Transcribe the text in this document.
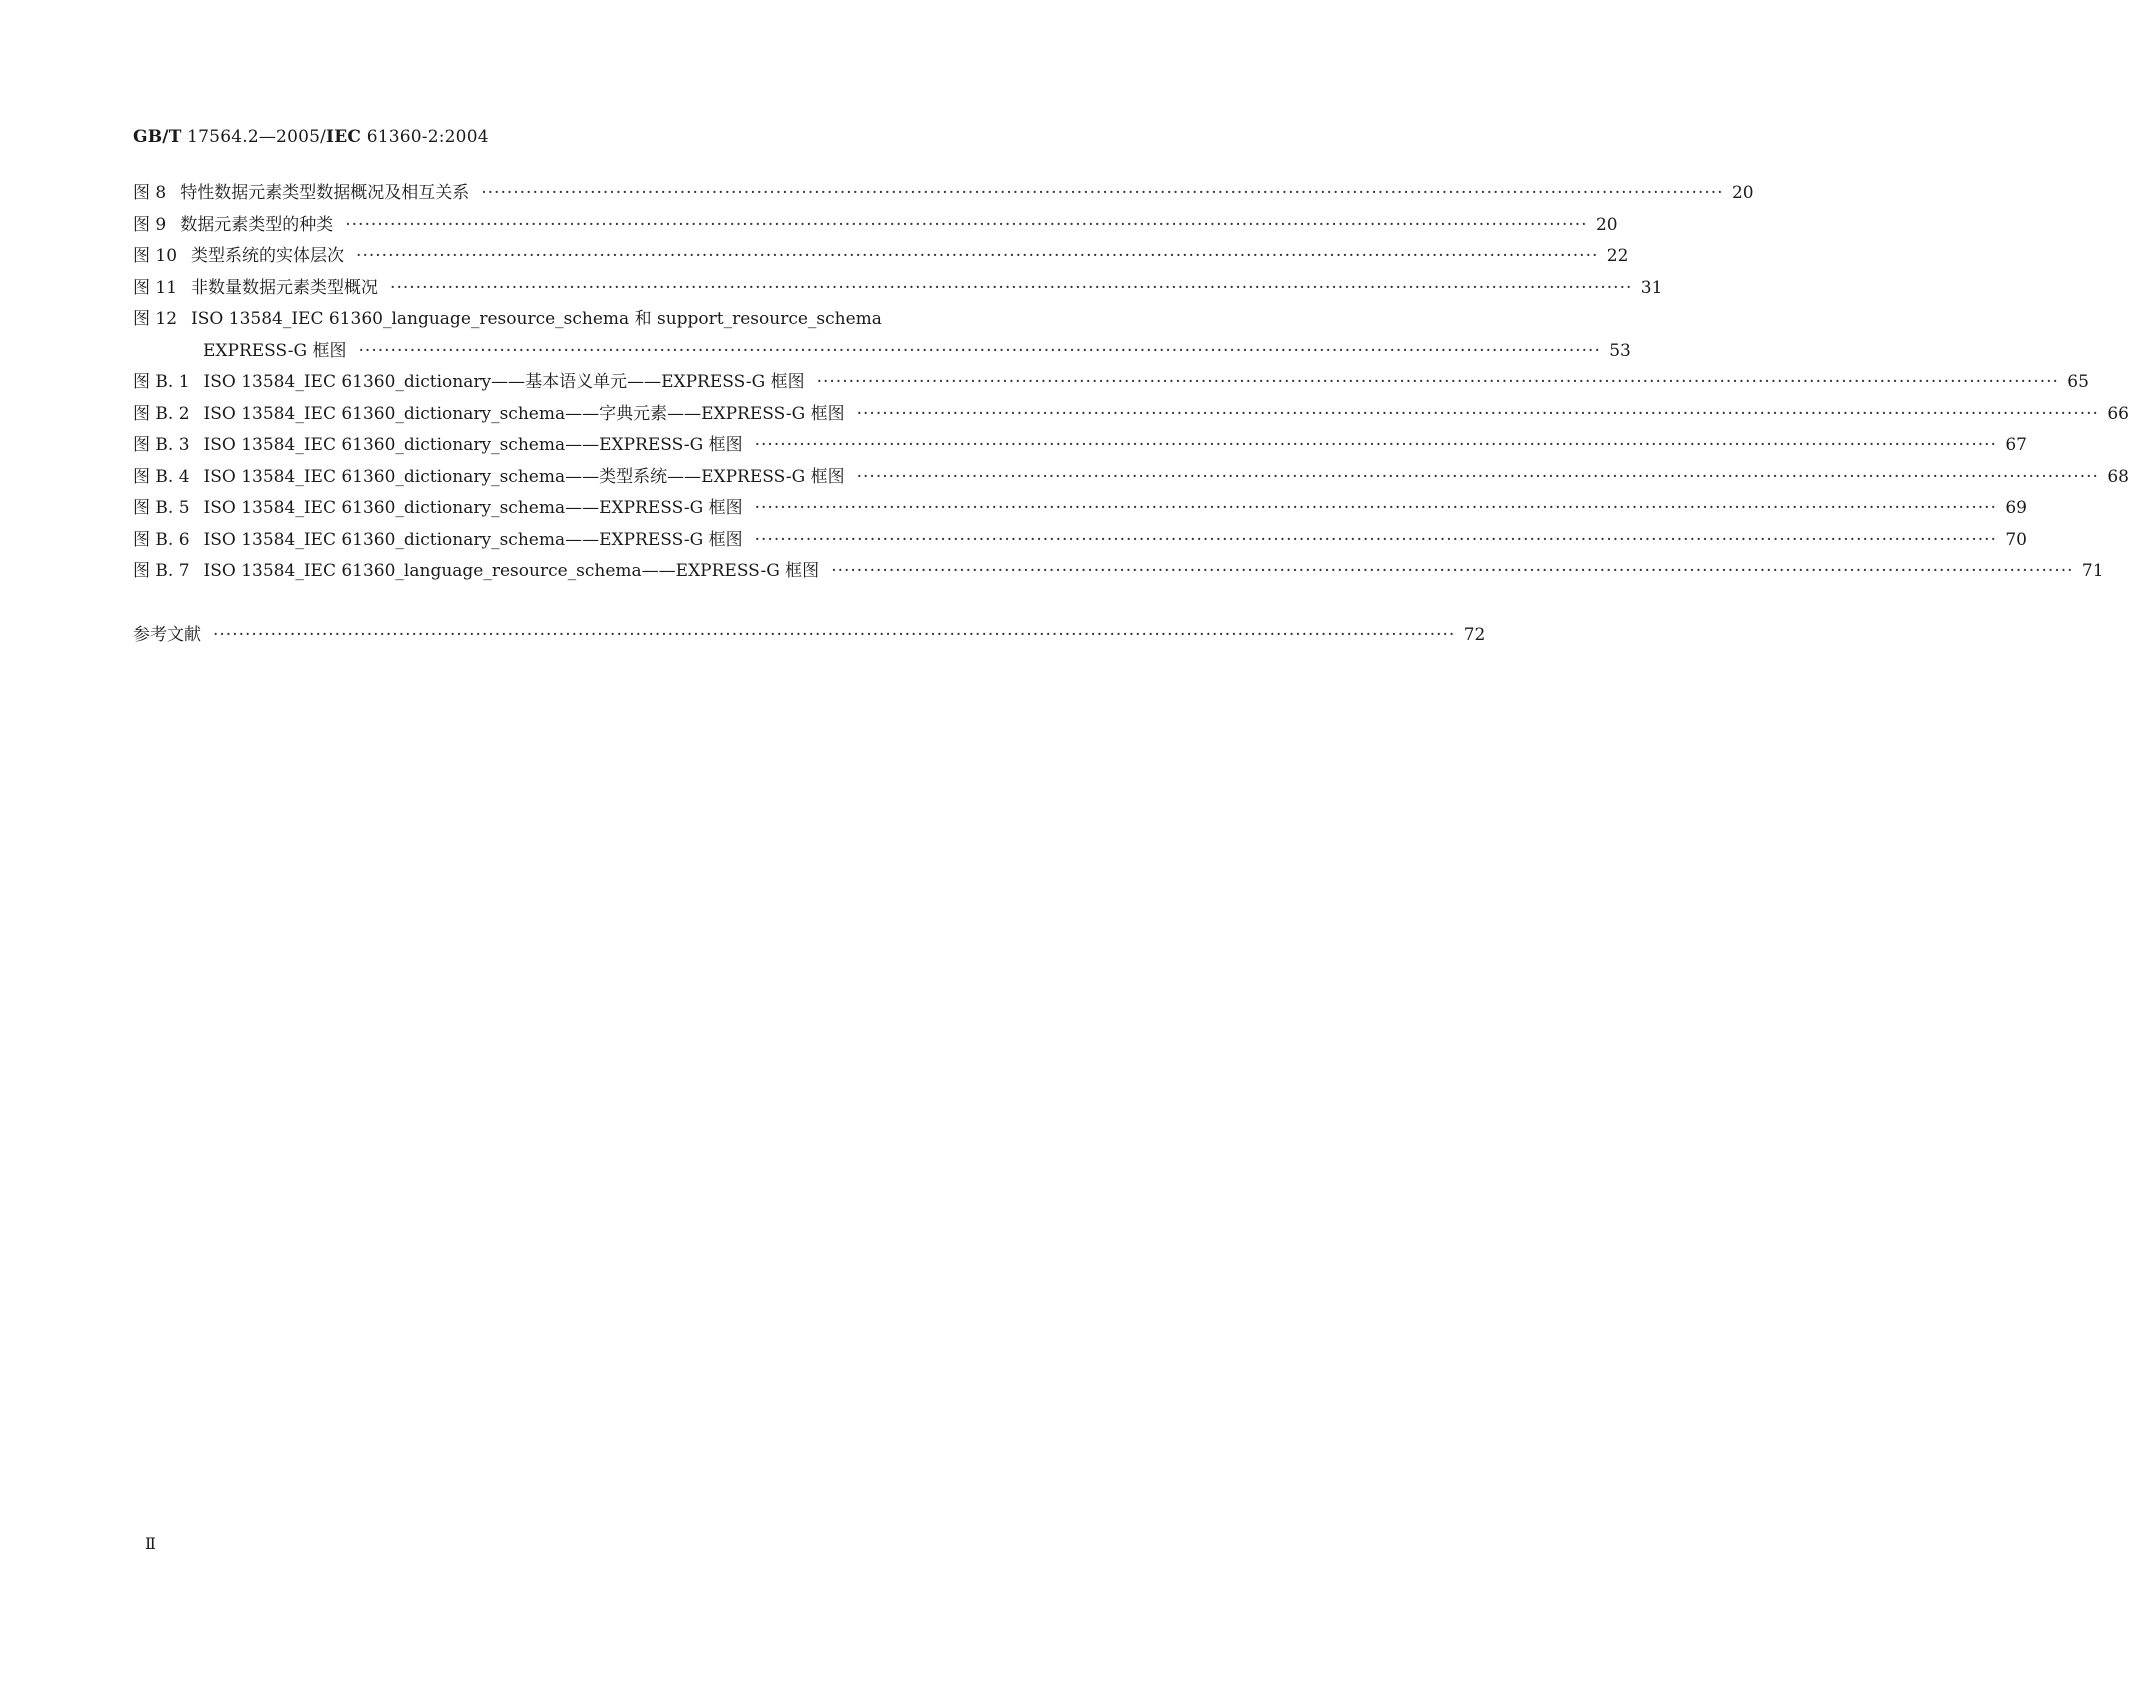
GB/T 17564.2—2005/IEC 61360-2:2004
图 8 特性数据元素类型数据概况及相互关系 ·····	20
图 9 数据元素类型的种类 ·····	20
图 10 类型系统的实体层次 ·····	22
图 11 非数量数据元素类型概况 ·····	31
图 12 ISO 13584_IEC 61360_language_resource_schema 和 support_resource_schema
EXPRESS-G 框图 ·····	53
图 B. 1 ISO 13584_IEC 61360_dictionary——基本语义单元——EXPRESS-G 框图 ·····	65
图 B. 2 ISO 13584_IEC 61360_dictionary_schema——字典元素——EXPRESS-G 框图 ·····	66
图 B. 3 ISO 13584_IEC 61360_dictionary_schema——EXPRESS-G 框图 ·····	67
图 B. 4 ISO 13584_IEC 61360_dictionary_schema——类型系统——EXPRESS-G 框图 ·····	68
图 B. 5 ISO 13584_IEC 61360_dictionary_schema——EXPRESS-G 框图 ·····	69
图 B. 6 ISO 13584_IEC 61360_dictionary_schema——EXPRESS-G 框图 ·····	70
图 B. 7 ISO 13584_IEC 61360_language_resource_schema——EXPRESS-G 框图 ·····	71
参考文献 ·····	72
Ⅱ
